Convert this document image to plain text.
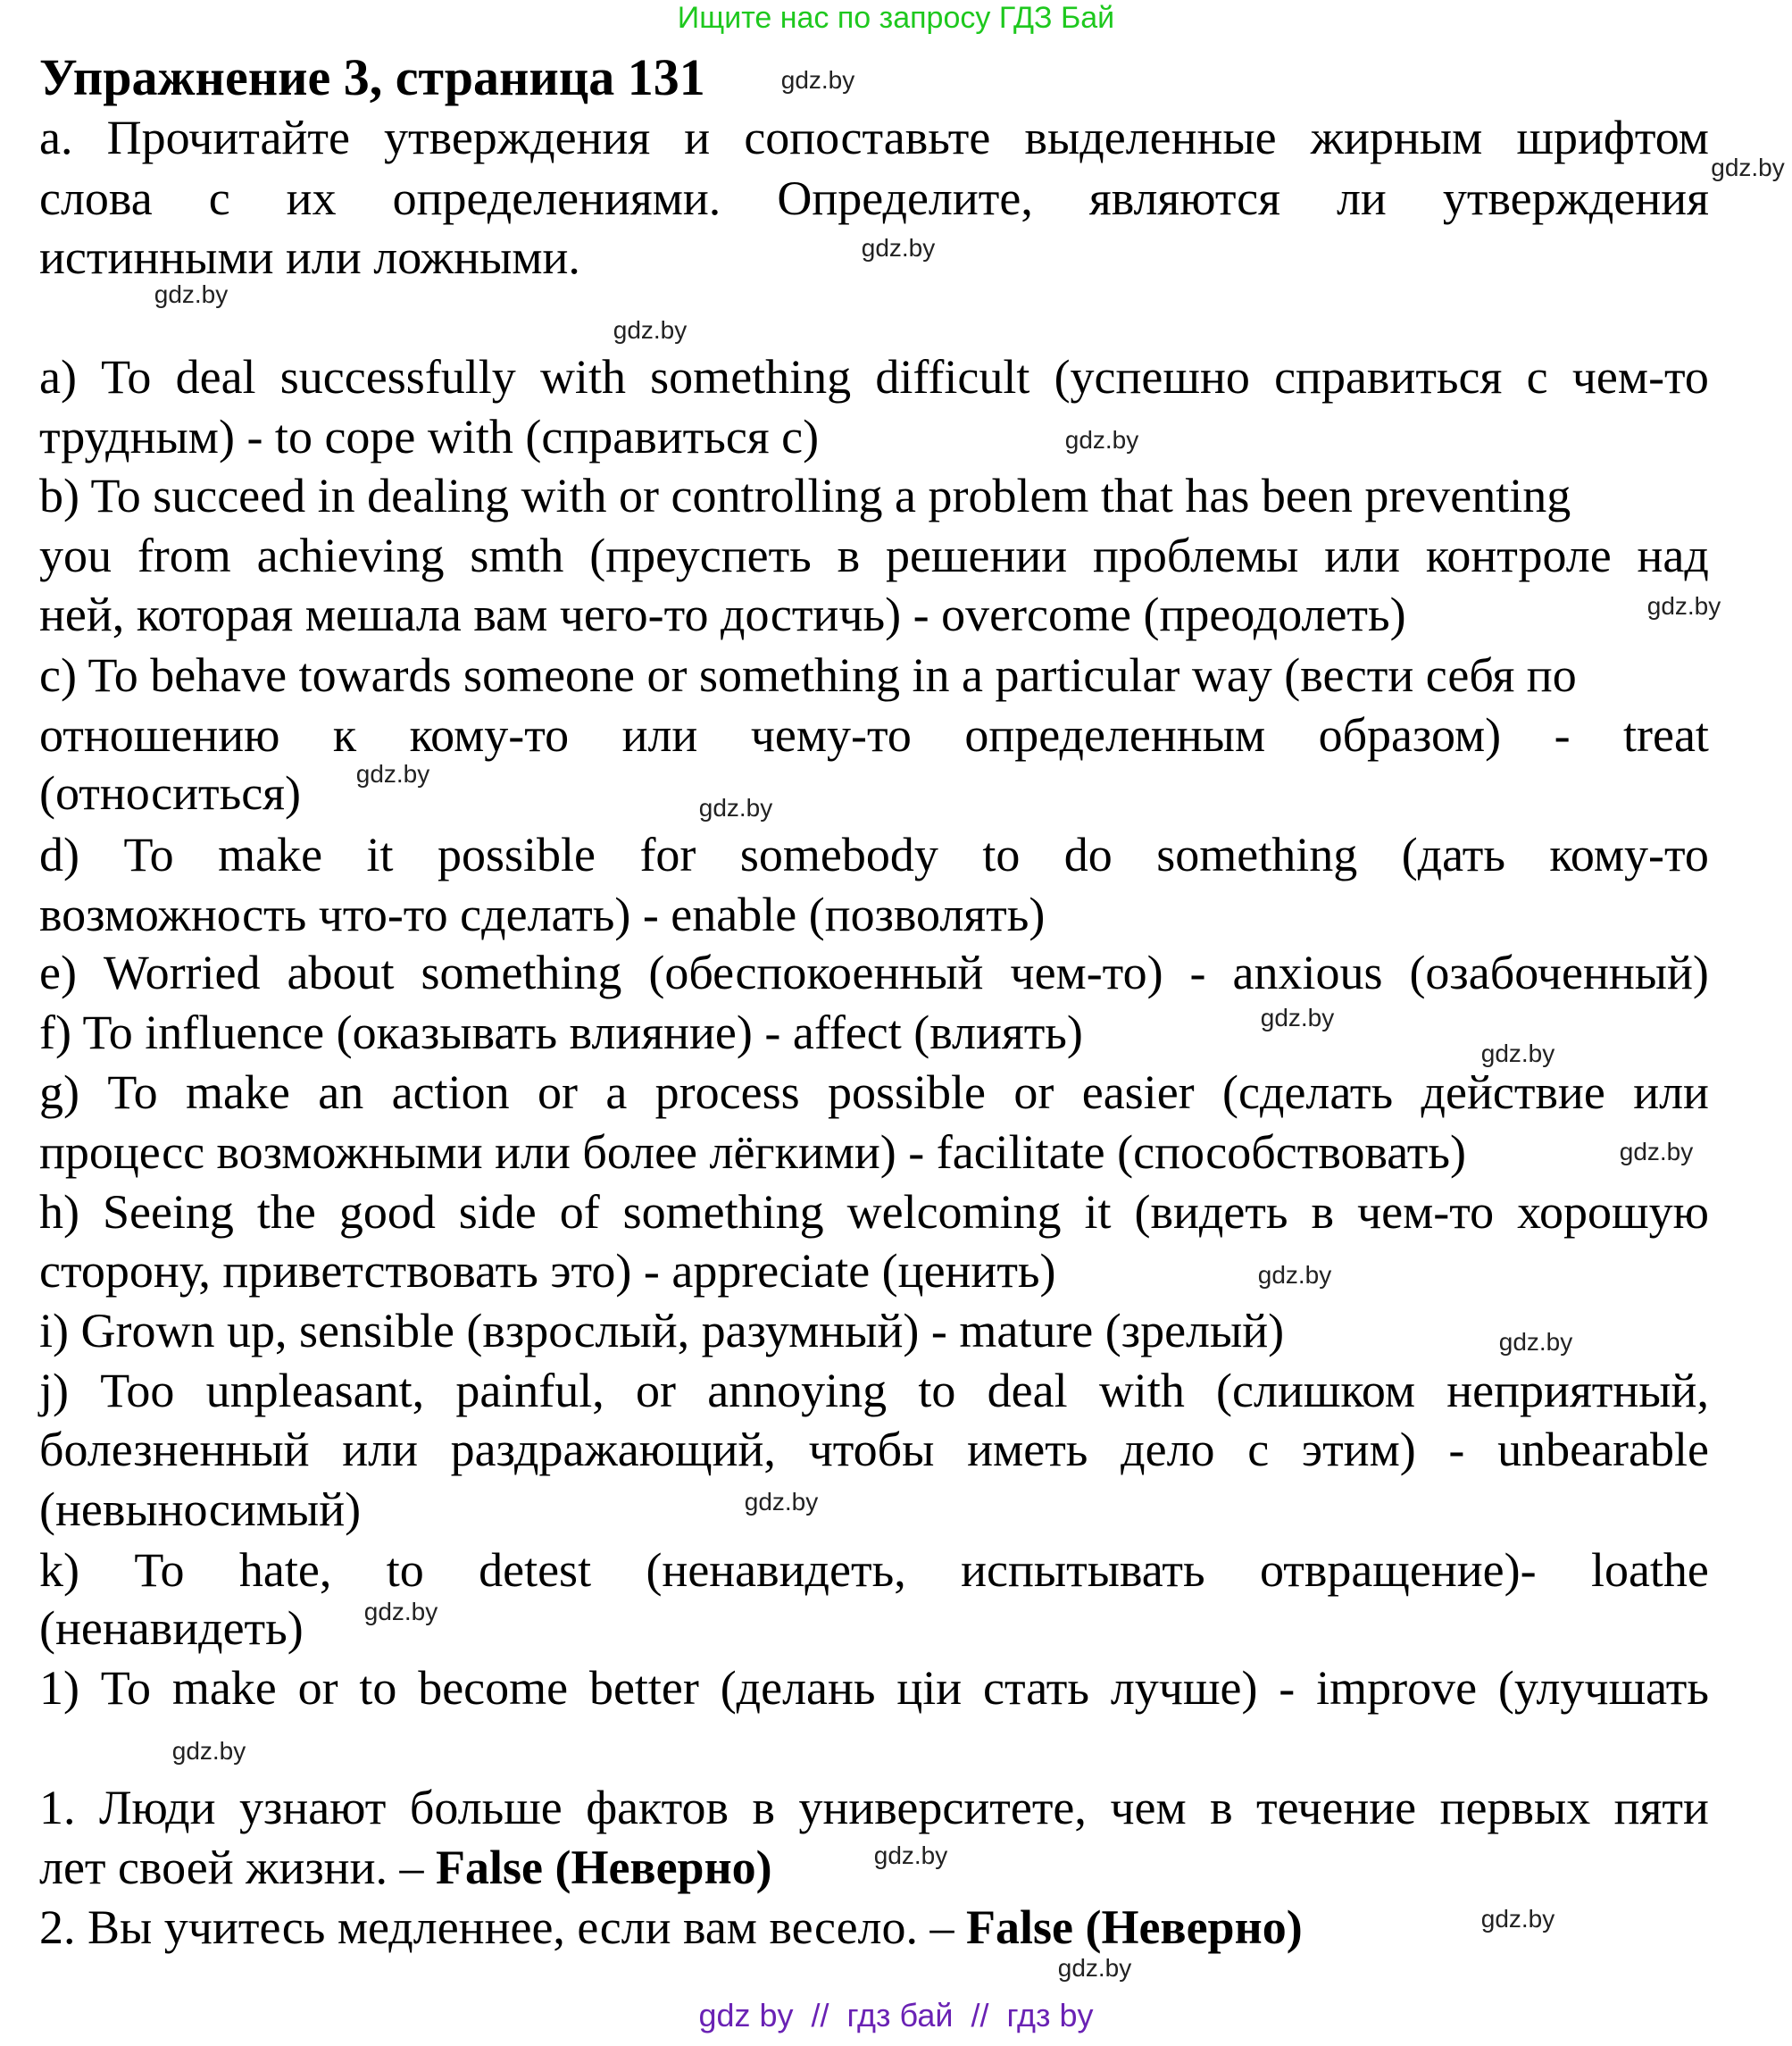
Ищите нас по запросу ГДЗ Бай
Упражнение 3, страница 131
a. Прочитайте утверждения и сопоставьте выделенные жирным шрифтом
слова с их определениями. Определите, являются ли утверждения
истинными или ложными.
a) To deal successfully with something difficult (успешно справиться с чем-то
трудным) - to cope with (справиться с)
b) To succeed in dealing with or controlling a problem that has been preventing
you from achieving smth (преуспеть в решении проблемы или контроле над
ней, которая мешала вам чего-то достичь) - overcome (преодолеть)
c) To behave towards someone or something in a particular way (вести себя по
отношению к кому-то или чему-то определенным образом) - treat
(относиться)
d) To make it possible for somebody to do something (дать кому-то
возможность что-то сделать) - enable (позволять)
e) Worried about something (обеспокоенный чем-то) - anxious (озабоченный)
f) To influence (оказывать влияние) - affect (влиять)
g) To make an action or a process possible or easier (сделать действие или
процесс возможными или более лёгкими) - facilitate (способствовать)
h) Seeing the good side of something welcoming it (видеть в чем-то хорошую
сторону, приветствовать это) - appreciate (ценить)
i) Grown up, sensible (взрослый, разумный) - mature (зрелый)
j) Too unpleasant, painful, or annoying to deal with (слишком неприятный,
болезненный или раздражающий, чтобы иметь дело с этим) - unbearable
(невыносимый)
k) To hate, to detest (ненавидеть, испытывать отвращение)- loathe
(ненавидеть)
1) To make or to become better (делань ціи стать лучше) - improve (улучшать
1. Люди узнают больше фактов в университете, чем в течение первых пяти
лет своей жизни. – False (Неверно)
2. Вы учитесь медленнее, если вам весело. – False (Неверно)
gdz.by
gdz.by
gdz.by
gdz.by
gdz.by
gdz.by
gdz.by
gdz.by
gdz.by
gdz.by
gdz.by
gdz.by
gdz.by
gdz.by
gdz.by
gdz.by
gdz.by
gdz.by
gdz.by
gdz.by
gdz by  //  гдз бай  //  гдз by
